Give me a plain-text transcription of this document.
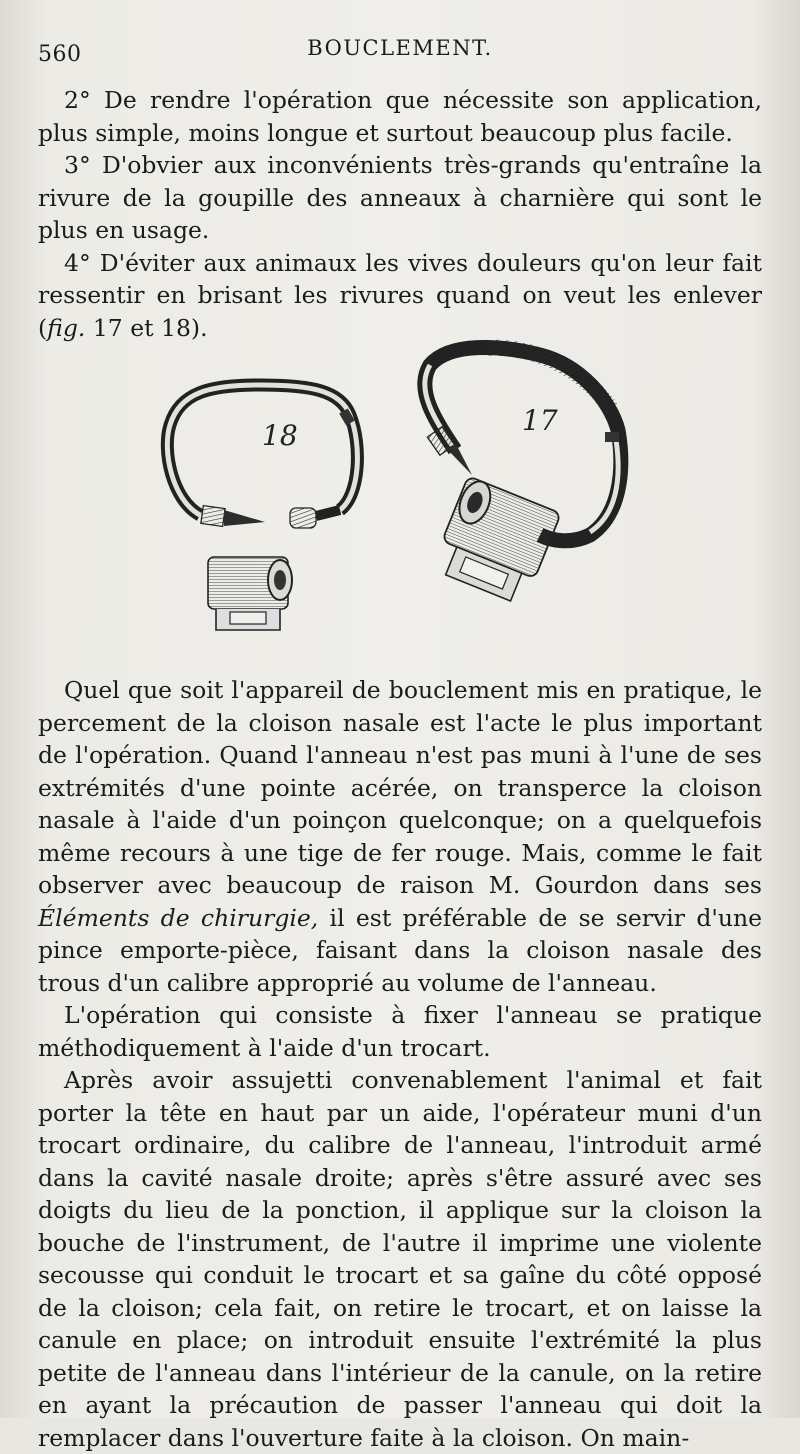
560	BOUCLEMENT.

2° De rendre l'opération que nécessite son application, plus simple, moins longue et surtout beaucoup plus facile.

3° D'obvier aux inconvénients très-grands qu'entraîne la rivure de la goupille des anneaux à charnière qui sont le plus en usage.

4° D'éviter aux animaux les vives douleurs qu'on leur fait ressentir en brisant les rivures quand on veut les enlever (fig. 17 et 18).

18	17

Quel que soit l'appareil de bouclement mis en pratique, le percement de la cloison nasale est l'acte le plus important de l'opération. Quand l'anneau n'est pas muni à l'une de ses extrémités d'une pointe acérée, on transperce la cloison nasale à l'aide d'un poinçon quelconque; on a quelquefois même recours à une tige de fer rouge. Mais, comme le fait observer avec beaucoup de raison M. Gourdon dans ses Éléments de chirurgie, il est préférable de se servir d'une pince emporte-pièce, faisant dans la cloison nasale des trous d'un calibre approprié au volume de l'anneau.

L'opération qui consiste à fixer l'anneau se pratique méthodiquement à l'aide d'un trocart.

Après avoir assujetti convenablement l'animal et fait porter la tête en haut par un aide, l'opérateur muni d'un trocart ordinaire, du calibre de l'anneau, l'introduit armé dans la cavité nasale droite; après s'être assuré avec ses doigts du lieu de la ponction, il applique sur la cloison la bouche de l'instrument, de l'autre il imprime une violente secousse qui conduit le trocart et sa gaîne du côté opposé de la cloison; cela fait, on retire le trocart, et on laisse la canule en place; on introduit ensuite l'extrémité la plus petite de l'anneau dans l'intérieur de la canule, on la retire en ayant la précaution de passer l'anneau qui doit la remplacer dans l'ouverture faite à la cloison. On main-
